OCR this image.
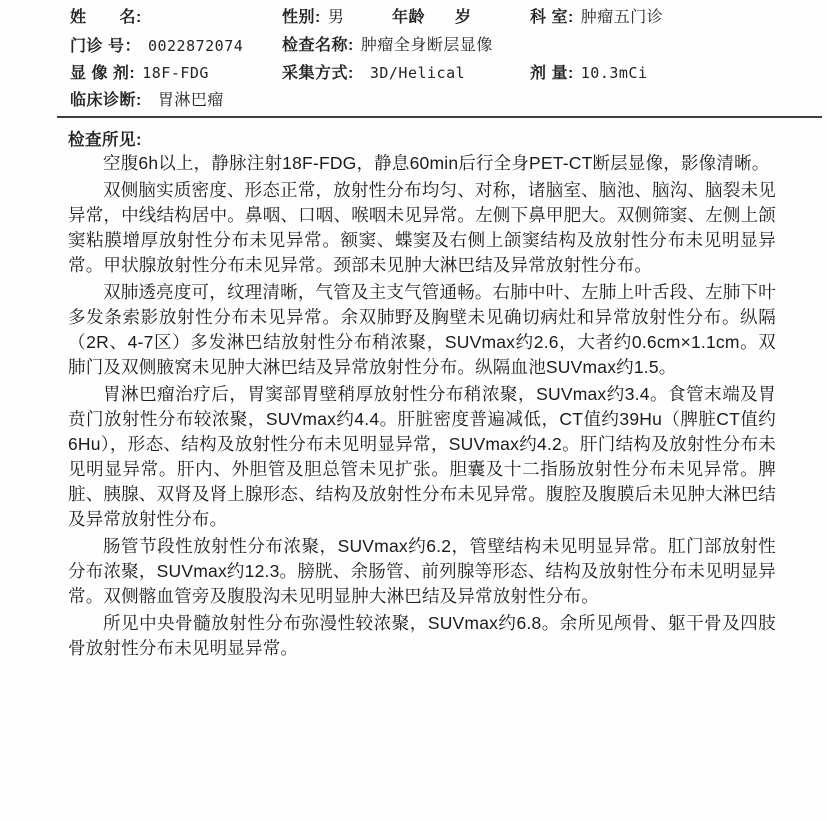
姓　　名:	性别: 男	年龄	岁	科 室: 肿瘤五门诊
门诊 号： 0022872074 检查名称: 肿瘤全身断层显像
显 像 剂: 18F-FDG	采集方式: 3D/Helical	剂 量: 10.3mCi
临床诊断: 胃淋巴瘤
检查所见:

空腹6h以上，静脉注射18F-FDG，静息60min后行全身PET-CT断层显像，影像清晰。

双侧脑实质密度、形态正常，放射性分布均匀、对称，诸脑室、脑池、脑沟、脑裂未见异常，中线结构居中。鼻咽、口咽、喉咽未见异常。左侧下鼻甲肥大。双侧筛窦、左侧上颌窦粘膜增厚放射性分布未见异常。额窦、蝶窦及右侧上颌窦结构及放射性分布未见明显异常。甲状腺放射性分布未见异常。颈部未见肿大淋巴结及异常放射性分布。

双肺透亮度可，纹理清晰，气管及主支气管通畅。右肺中叶、左肺上叶舌段、左肺下叶多发条索影放射性分布未见异常。余双肺野及胸壁未见确切病灶和异常放射性分布。纵隔（2R、4-7区）多发淋巴结放射性分布稍浓聚，SUVmax约2.6，大者约0.6cm×1.1cm。双肺门及双侧腋窝未见肿大淋巴结及异常放射性分布。纵隔血池SUVmax约1.5。

胃淋巴瘤治疗后，胃窦部胃壁稍厚放射性分布稍浓聚，SUVmax约3.4。食管末端及胃贲门放射性分布较浓聚，SUVmax约4.4。肝脏密度普遍减低，CT值约39Hu（脾脏CT值约6Hu），形态、结构及放射性分布未见明显异常，SUVmax约4.2。肝门结构及放射性分布未见明显异常。肝内、外胆管及胆总管未见扩张。胆囊及十二指肠放射性分布未见异常。脾脏、胰腺、双肾及肾上腺形态、结构及放射性分布未见异常。腹腔及腹膜后未见肿大淋巴结及异常放射性分布。

肠管节段性放射性分布浓聚，SUVmax约6.2，管壁结构未见明显异常。肛门部放射性分布浓聚，SUVmax约12.3。膀胱、余肠管、前列腺等形态、结构及放射性分布未见明显异常。双侧髂血管旁及腹股沟未见明显肿大淋巴结及异常放射性分布。

所见中央骨髓放射性分布弥漫性较浓聚，SUVmax约6.8。余所见颅骨、躯干骨及四肢骨放射性分布未见明显异常。
